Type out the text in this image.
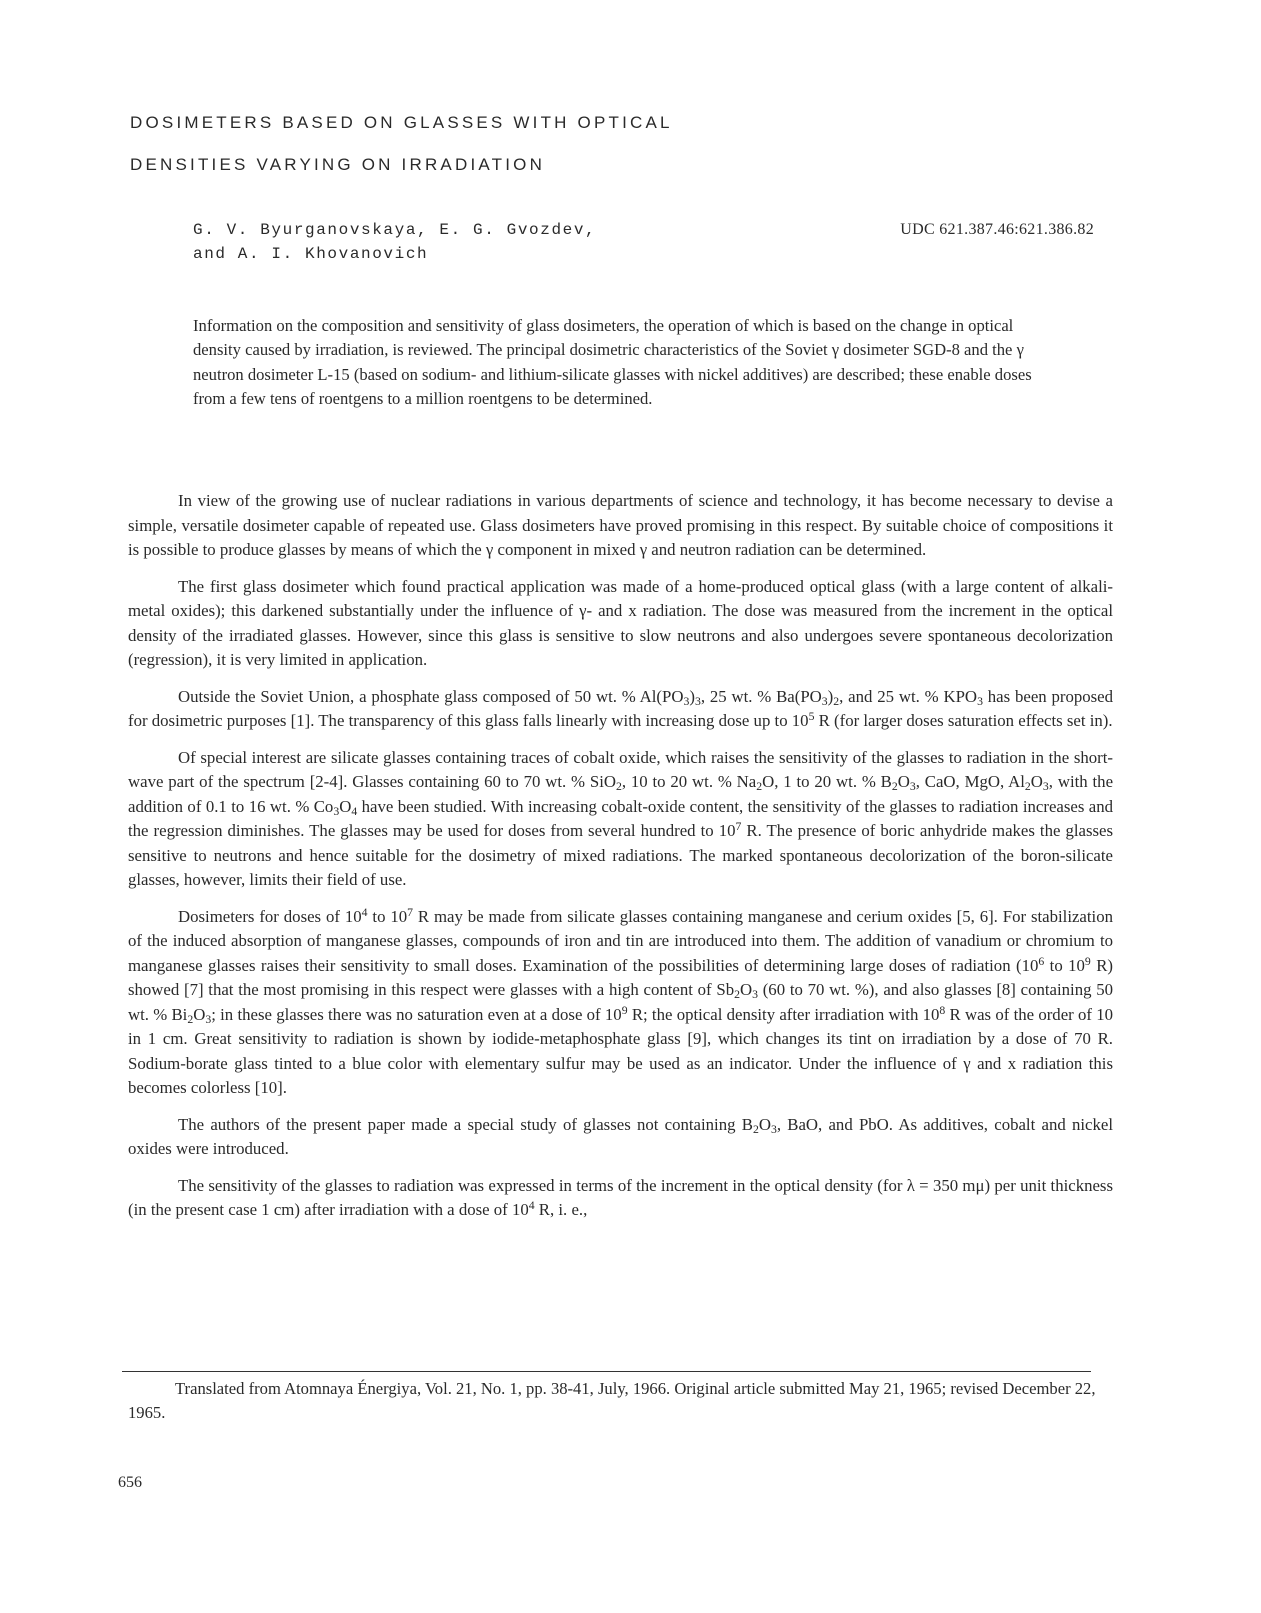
DOSIMETERS BASED ON GLASSES WITH OPTICAL
DENSITIES VARYING ON IRRADIATION
G. V. Byurganovskaya, E. G. Gvozdev,
and A. I. Khovanovich
UDC 621.387.46:621.386.82
Information on the composition and sensitivity of glass dosimeters, the operation of which is based on the change in optical density caused by irradiation, is reviewed. The principal dosimetric characteristics of the Soviet γ dosimeter SGD-8 and the γ neutron dosimeter L-15 (based on sodium- and lithium-silicate glasses with nickel additives) are described; these enable doses from a few tens of roentgens to a million roentgens to be determined.

In view of the growing use of nuclear radiations in various departments of science and technology, it has become necessary to devise a simple, versatile dosimeter capable of repeated use. Glass dosimeters have proved promising in this respect. By suitable choice of compositions it is possible to produce glasses by means of which the γ component in mixed γ and neutron radiation can be determined.

The first glass dosimeter which found practical application was made of a home-produced optical glass (with a large content of alkali-metal oxides); this darkened substantially under the influence of γ- and x radiation. The dose was measured from the increment in the optical density of the irradiated glasses. However, since this glass is sensitive to slow neutrons and also undergoes severe spontaneous decolorization (regression), it is very limited in application.

Outside the Soviet Union, a phosphate glass composed of 50 wt. % $Al(PO_3)_3$, 25 wt. % $Ba(PO_3)_2$, and 25 wt. % $KPO_3$ has been proposed for dosimetric purposes [1]. The transparency of this glass falls linearly with increasing dose up to $10^5$ R (for larger doses saturation effects set in).

Of special interest are silicate glasses containing traces of cobalt oxide, which raises the sensitivity of the glasses to radiation in the short-wave part of the spectrum [2-4]. Glasses containing 60 to 70 wt. % SiO$_2$, 10 to 20 wt. % $Na_2O$, 1 to 20 wt. % $B_2O_3$, CaO, MgO, $Al_2O_3$, with the addition of 0.1 to 16 wt. % $Co_3O_4$ have been studied. With increasing cobalt-oxide content, the sensitivity of the glasses to radiation increases and the regression diminishes. The glasses may be used for doses from several hundred to $10^7$ R. The presence of boric anhydride makes the glasses sensitive to neutrons and hence suitable for the dosimetry of mixed radiations. The marked spontaneous decolorization of the boron-silicate glasses, however, limits their field of use.

Dosimeters for doses of $10^4$ to $10^7$ R may be made from silicate glasses containing manganese and cerium oxides [5, 6]. For stabilization of the induced absorption of manganese glasses, compounds of iron and tin are introduced into them. The addition of vanadium or chromium to manganese glasses raises their sensitivity to small doses. Examination of the possibilities of determining large doses of radiation ($10^6$ to $10^9$ R) showed [7] that the most promising in this respect were glasses with a high content of $Sb_2O_3$ (60 to 70 wt. %), and also glasses [8] containing 50 wt. % $Bi_2O_3$; in these glasses there was no saturation even at a dose of $10^9$ R; the optical density after irradiation with $10^8$ R was of the order of 10 in 1 cm. Great sensitivity to radiation is shown by iodide-metaphosphate glass [9], which changes its tint on irradiation by a dose of 70 R. Sodium-borate glass tinted to a blue color with elementary sulfur may be used as an indicator. Under the influence of γ and x radiation this becomes colorless [10].

The authors of the present paper made a special study of glasses not containing $B_2O_3$, BaO, and PbO. As additives, cobalt and nickel oxides were introduced.

The sensitivity of the glasses to radiation was expressed in terms of the increment in the optical density (for λ = 350 mμ) per unit thickness (in the present case 1 cm) after irradiation with a dose of $10^4$ R, i. e.,

Translated from Atomnaya Énergiya, Vol. 21, No. 1, pp. 38-41, July, 1966. Original article submitted May 21, 1965; revised December 22, 1965.

656
